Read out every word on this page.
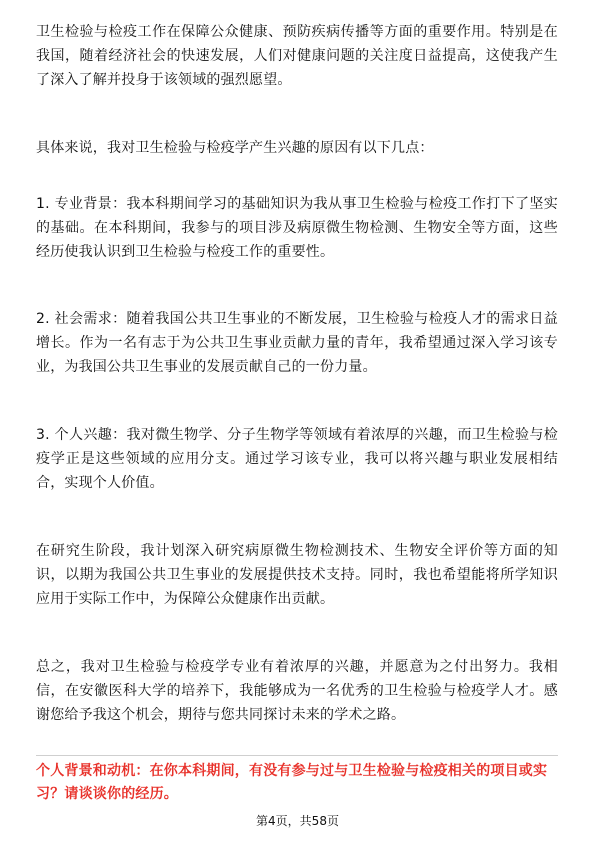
卫生检验与检疫工作在保障公众健康、预防疾病传播等方面的重要作用。特别是在我国，随着经济社会的快速发展，人们对健康问题的关注度日益提高，这使我产生了深入了解并投身于该领域的强烈愿望。

具体来说，我对卫生检验与检疫学产生兴趣的原因有以下几点：

1. 专业背景：我本科期间学习的基础知识为我从事卫生检验与检疫工作打下了坚实的基础。在本科期间，我参与的项目涉及病原微生物检测、生物安全等方面，这些经历使我认识到卫生检验与检疫工作的重要性。

2. 社会需求：随着我国公共卫生事业的不断发展，卫生检验与检疫人才的需求日益增长。作为一名有志于为公共卫生事业贡献力量的青年，我希望通过深入学习该专业，为我国公共卫生事业的发展贡献自己的一份力量。

3. 个人兴趣：我对微生物学、分子生物学等领域有着浓厚的兴趣，而卫生检验与检疫学正是这些领域的应用分支。通过学习该专业，我可以将兴趣与职业发展相结合，实现个人价值。

在研究生阶段，我计划深入研究病原微生物检测技术、生物安全评价等方面的知识，以期为我国公共卫生事业的发展提供技术支持。同时，我也希望能将所学知识应用于实际工作中，为保障公众健康作出贡献。

总之，我对卫生检验与检疫学专业有着浓厚的兴趣，并愿意为之付出努力。我相信，在安徽医科大学的培养下，我能够成为一名优秀的卫生检验与检疫学人才。感谢您给予我这个机会，期待与您共同探讨未来的学术之路。

个人背景和动机：在你本科期间，有没有参与过与卫生检验与检疫相关的项目或实习？请谈谈你的经历。

第4页，共58页
